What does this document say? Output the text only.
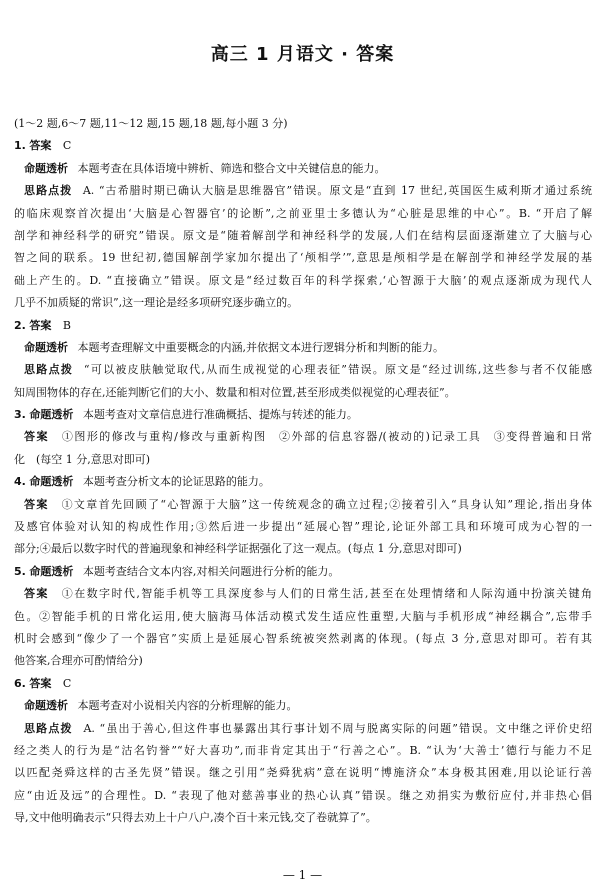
高三 1 月语文 · 答案
(1～2 题,6～7 题,11～12 题,15 题,18 题,每小题 3 分)
1. 答案 C
命题透析 本题考查在具体语境中辨析、筛选和整合文中关键信息的能力。
思路点拨 A. “古希腊时期已确认大脑是思维器官”错误。原文是“直到 17 世纪,英国医生威利斯才通过系统
的临床观察首次提出‘大脑是心智器官’的论断”,之前亚里士多德认为“心脏是思维的中心”。B. “开启了解
剖学和神经科学的研究”错误。原文是“随着解剖学和神经科学的发展,人们在结构层面逐渐建立了大脑与心
智之间的联系。19 世纪初,德国解剖学家加尔提出了‘颅相学’”,意思是颅相学是在解剖学和神经学发展的基
础上产生的。D. “直接确立”错误。原文是“经过数百年的科学探索,‘心智源于大脑’的观点逐渐成为现代人
几乎不加质疑的常识”,这一理论是经多项研究逐步确立的。
2. 答案 B
命题透析 本题考查理解文中重要概念的内涵,并依据文本进行逻辑分析和判断的能力。
思路点拨 “可以被皮肤触觉取代,从而生成视觉的心理表征”错误。原文是“经过训练,这些参与者不仅能感
知周围物体的存在,还能判断它们的大小、数量和相对位置,甚至形成类似视觉的心理表征”。
3. 命题透析 本题考查对文章信息进行准确概括、提炼与转述的能力。
答案 ①图形的修改与重构/修改与重新构图　②外部的信息容器/(被动的)记录工具　③变得普遍和日常
化　(每空 1 分,意思对即可)
4. 命题透析 本题考查分析文本的论证思路的能力。
答案 ①文章首先回顾了“心智源于大脑”这一传统观念的确立过程;②接着引入“具身认知”理论,指出身体
及感官体验对认知的构成性作用;③然后进一步提出“延展心智”理论,论证外部工具和环境可成为心智的一
部分;④最后以数字时代的普遍现象和神经科学证据强化了这一观点。(每点 1 分,意思对即可)
5. 命题透析 本题考查结合文本内容,对相关问题进行分析的能力。
答案 ①在数字时代,智能手机等工具深度参与人们的日常生活,甚至在处理情绪和人际沟通中扮演关键角
色。②智能手机的日常化运用,使大脑海马体活动模式发生适应性重塑,大脑与手机形成“神经耦合”,忘带手
机时会感到“像少了一个器官”实质上是延展心智系统被突然剥离的体现。(每点 3 分,意思对即可。若有其
他答案,合理亦可酌情给分)
6. 答案 C
命题透析 本题考查对小说相关内容的分析理解的能力。
思路点拨 A. “虽出于善心,但这件事也暴露出其行事计划不周与脱离实际的问题”错误。文中继之评价史绍
经之类人的行为是“沽名钓誉”“好大喜功”,而非肯定其出于“行善之心”。B. “认为‘大善士’德行与能力不足
以匹配尧舜这样的古圣先贤”错误。继之引用“尧舜犹病”意在说明“博施济众”本身极其困难,用以论证行善
应“由近及远”的合理性。D. “表现了他对慈善事业的热心认真”错误。继之劝捐实为敷衍应付,并非热心倡
导,文中他明确表示“只得去劝上十户八户,凑个百十来元钱,交了卷就算了”。
— 1 —
